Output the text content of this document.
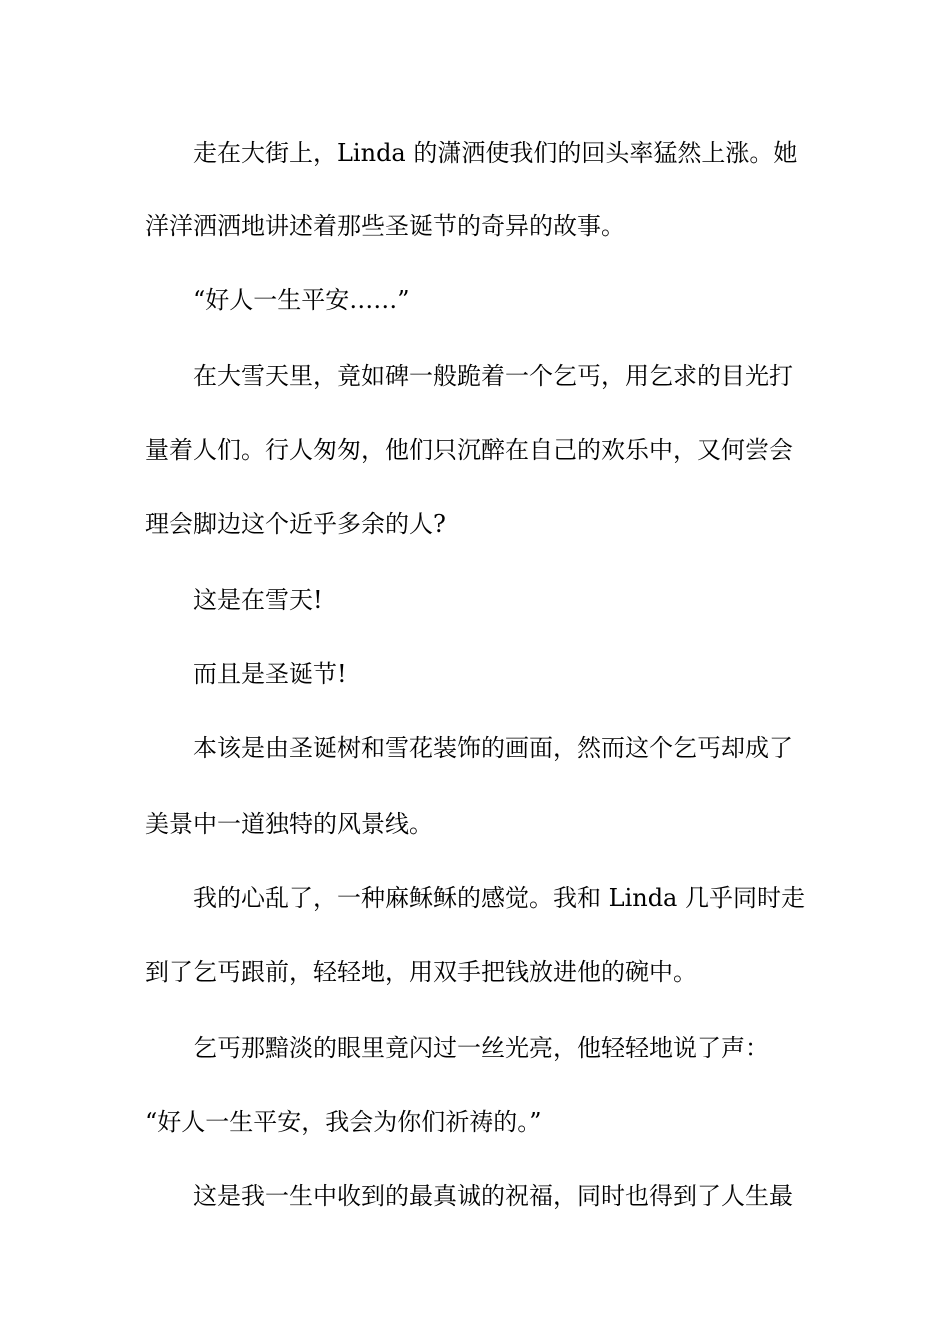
走在大街上，Linda 的潇洒使我们的回头率猛然上涨。她
洋洋洒洒地讲述着那些圣诞节的奇异的故事。
“好人一生平安……”
在大雪天里，竟如碑一般跪着一个乞丐，用乞求的目光打
量着人们。行人匆匆，他们只沉醉在自己的欢乐中，又何尝会
理会脚边这个近乎多余的人?
这是在雪天!
而且是圣诞节!
本该是由圣诞树和雪花装饰的画面，然而这个乞丐却成了
美景中一道独特的风景线。
我的心乱了，一种麻稣稣的感觉。我和 Linda 几乎同时走
到了乞丐跟前，轻轻地，用双手把钱放进他的碗中。
乞丐那黯淡的眼里竟闪过一丝光亮，他轻轻地说了声：
“好人一生平安，我会为你们祈祷的。”
这是我一生中收到的最真诚的祝福，同时也得到了人生最
